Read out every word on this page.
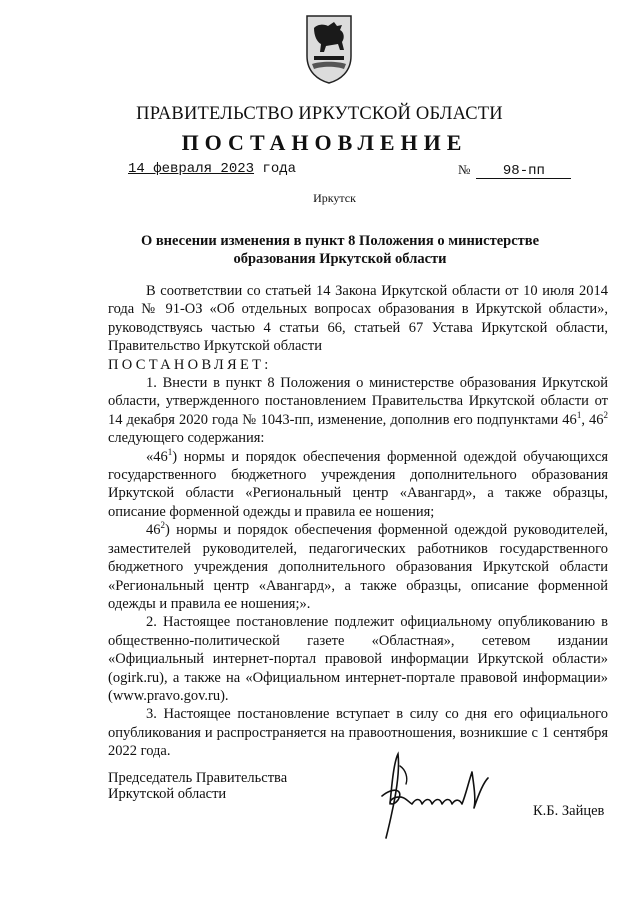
ПРАВИТЕЛЬСТВО ИРКУТСКОЙ ОБЛАСТИ
ПОСТАНОВЛЕНИЕ
14 февраля 2023 года	№ 98-пп
Иркутск
О внесении изменения в пункт 8 Положения о министерстве образования Иркутской области

В соответствии со статьей 14 Закона Иркутской области от 10 июля 2014 года № 91-ОЗ «Об отдельных вопросах образования в Иркутской области», руководствуясь частью 4 статьи 66, статьей 67 Устава Иркутской области, Правительство Иркутской области

ПОСТАНОВЛЯЕТ:

1. Внести в пункт 8 Положения о министерстве образования Иркутской области, утвержденного постановлением Правительства Иркутской области от 14 декабря 2020 года № 1043-пп, изменение, дополнив его подпунктами $46^1$, $46^2$ следующего содержания:

«$46^1$) нормы и порядок обеспечения форменной одеждой обучающихся государственного бюджетного учреждения дополнительного образования Иркутской области «Региональный центр «Авангард», а также образцы, описание форменной одежды и правила ее ношения;

$46^2$) нормы и порядок обеспечения форменной одеждой руководителей, заместителей руководителей, педагогических работников государственного бюджетного учреждения дополнительного образования Иркутской области «Региональный центр «Авангард», а также образцы, описание форменной одежды и правила ее ношения;».

2. Настоящее постановление подлежит официальному опубликованию в общественно-политической газете «Областная», сетевом издании «Официальный интернет-портал правовой информации Иркутской области» (ogirk.ru), а также на «Официальном интернет-портале правовой информации» (www.pravo.gov.ru).

3. Настоящее постановление вступает в силу со дня его официального опубликования и распространяется на правоотношения, возникшие с 1 сентября 2022 года.

Председатель Правительства
Иркутской области
К.Б. Зайцев
